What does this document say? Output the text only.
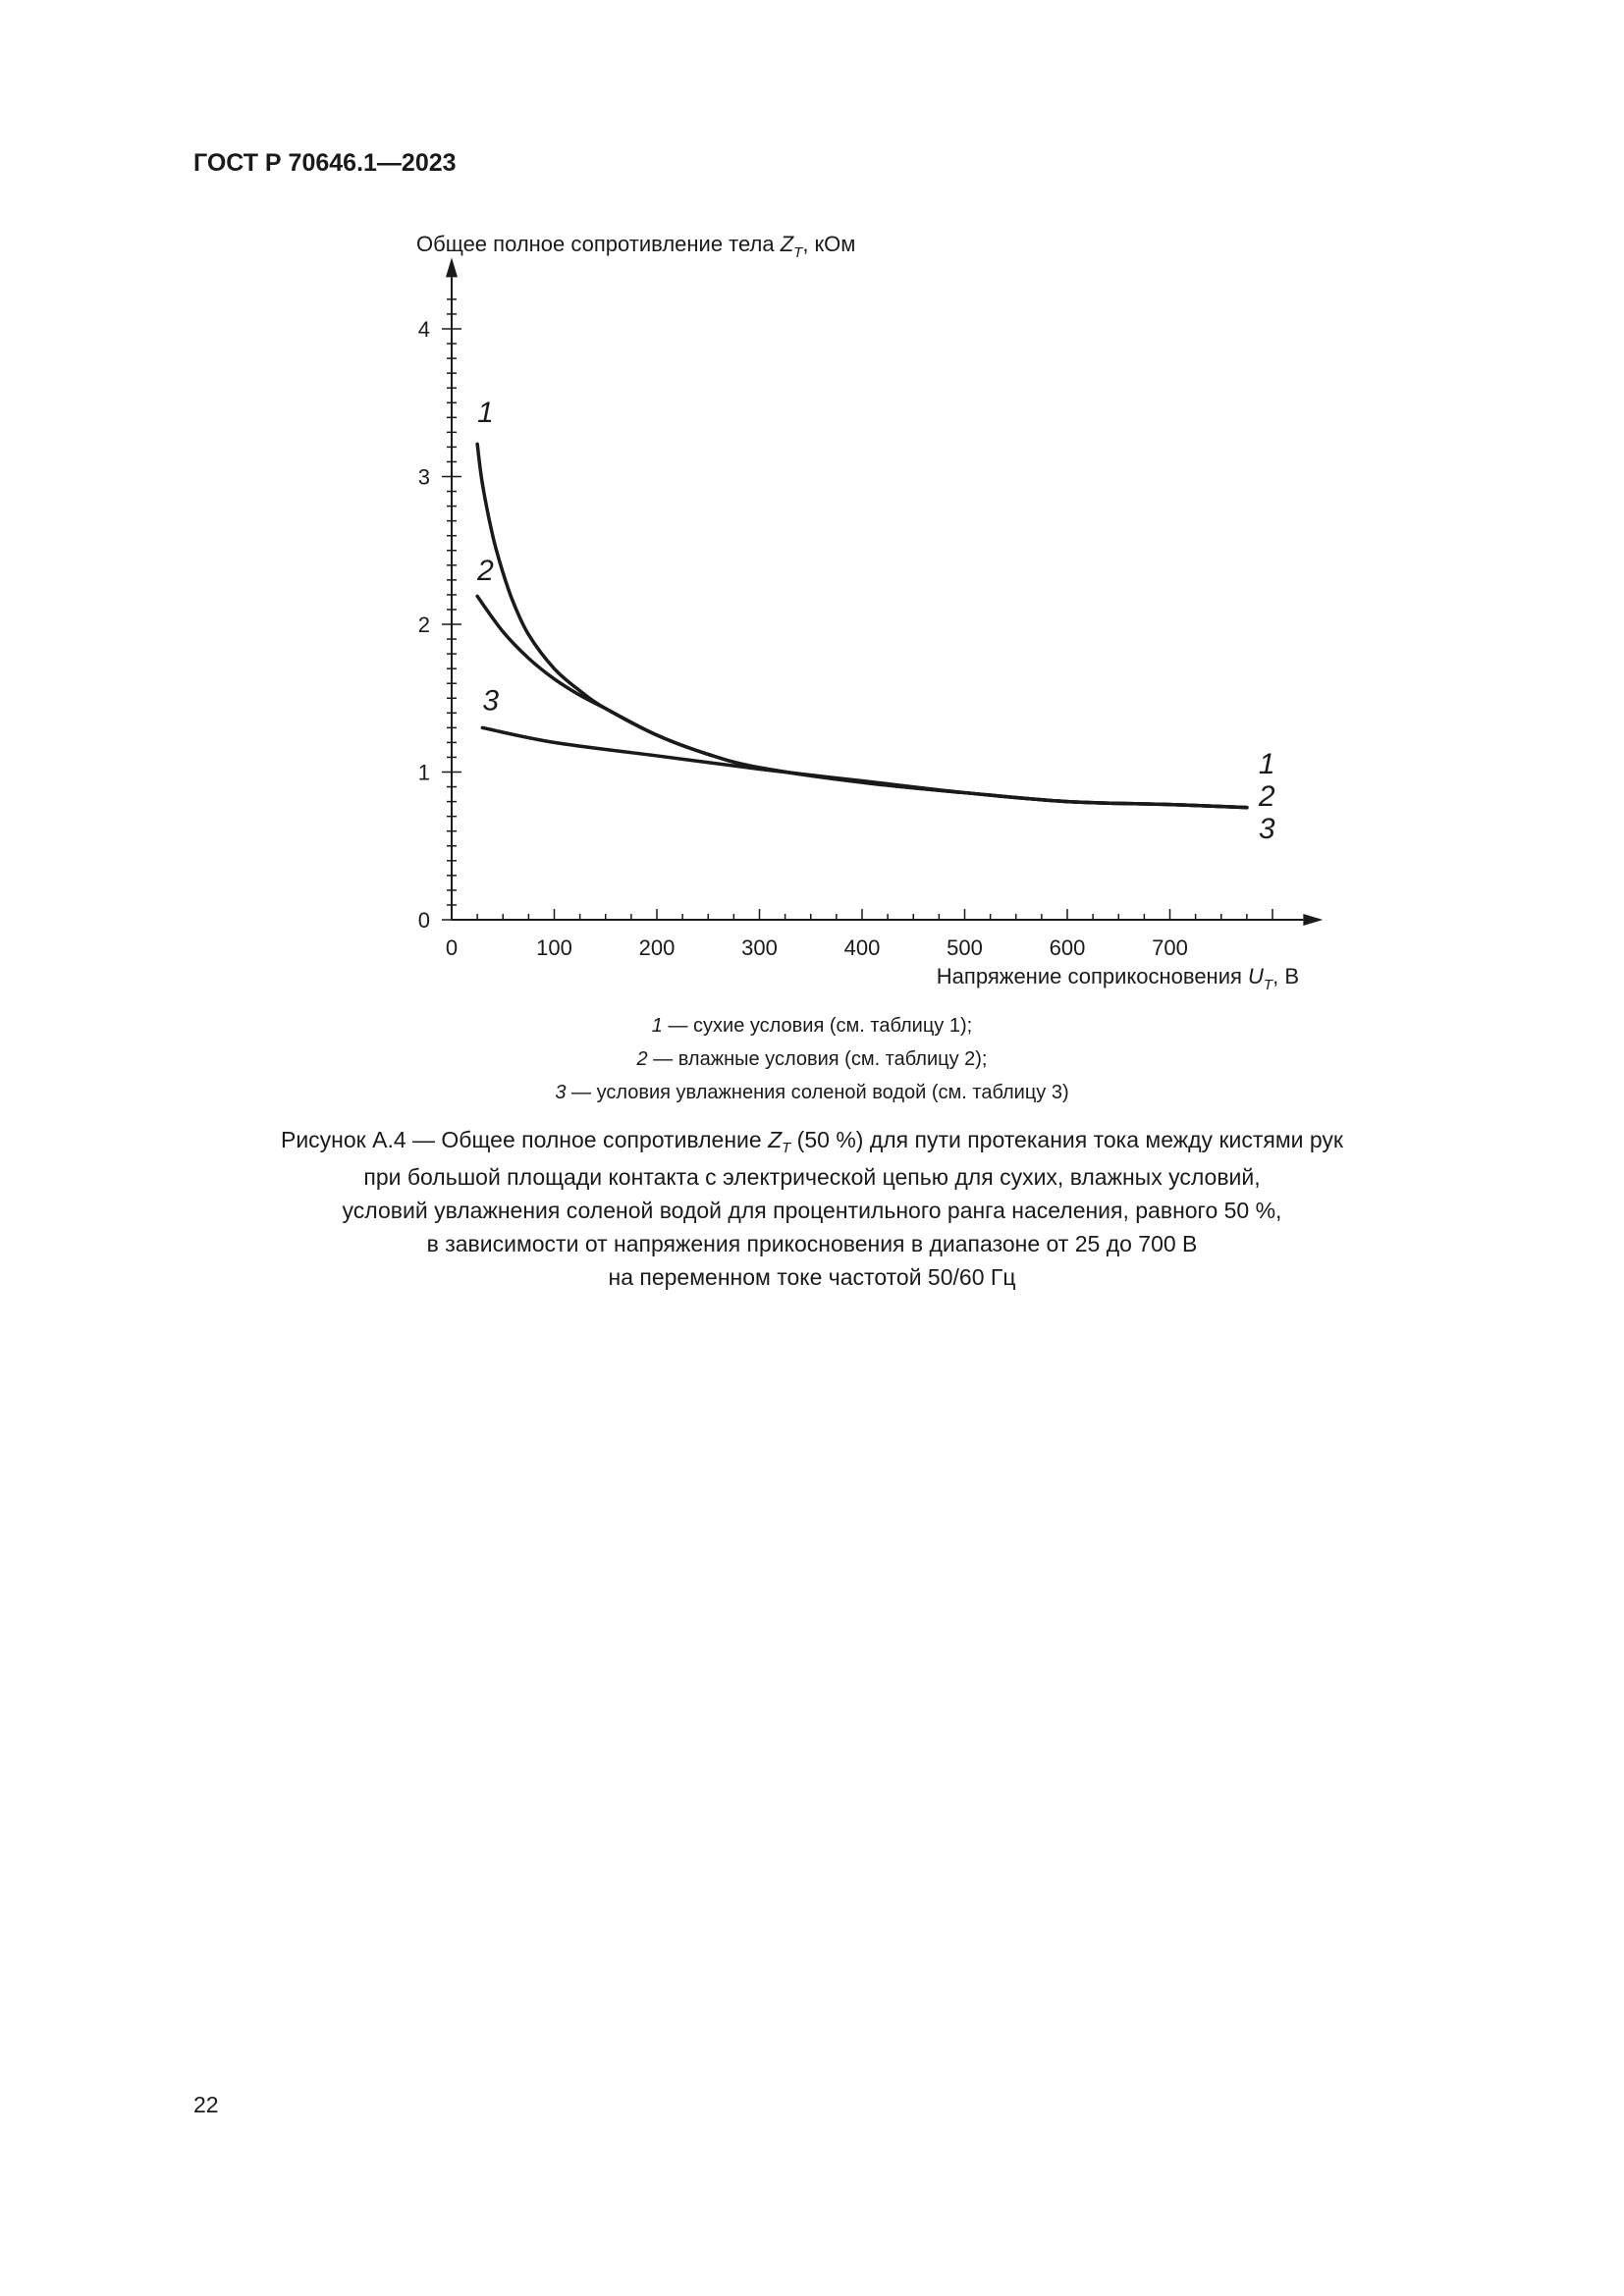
ГОСТ Р 70646.1—2023
Общее полное сопротивление тела $Z_T$, кОм
Напряжение соприкосновения $U_T$, В
0	100	200	300	400	500	600	700
0
1
2
3
4
1
1
2
2
3
3
1 — сухие условия (см. таблицу 1);
2 — влажные условия (см. таблицу 2);
3 — условия увлажнения соленой водой (см. таблицу 3)
Рисунок А.4 — Общее полное сопротивление $Z_T$ (50 %) для пути протекания тока между кистями рук
при большой площади контакта с электрической цепью для сухих, влажных условий,
условий увлажнения соленой водой для процентильного ранга населения, равного 50 %,
в зависимости от напряжения прикосновения в диапазоне от 25 до 700 В
на переменном токе частотой 50/60 Гц
22
